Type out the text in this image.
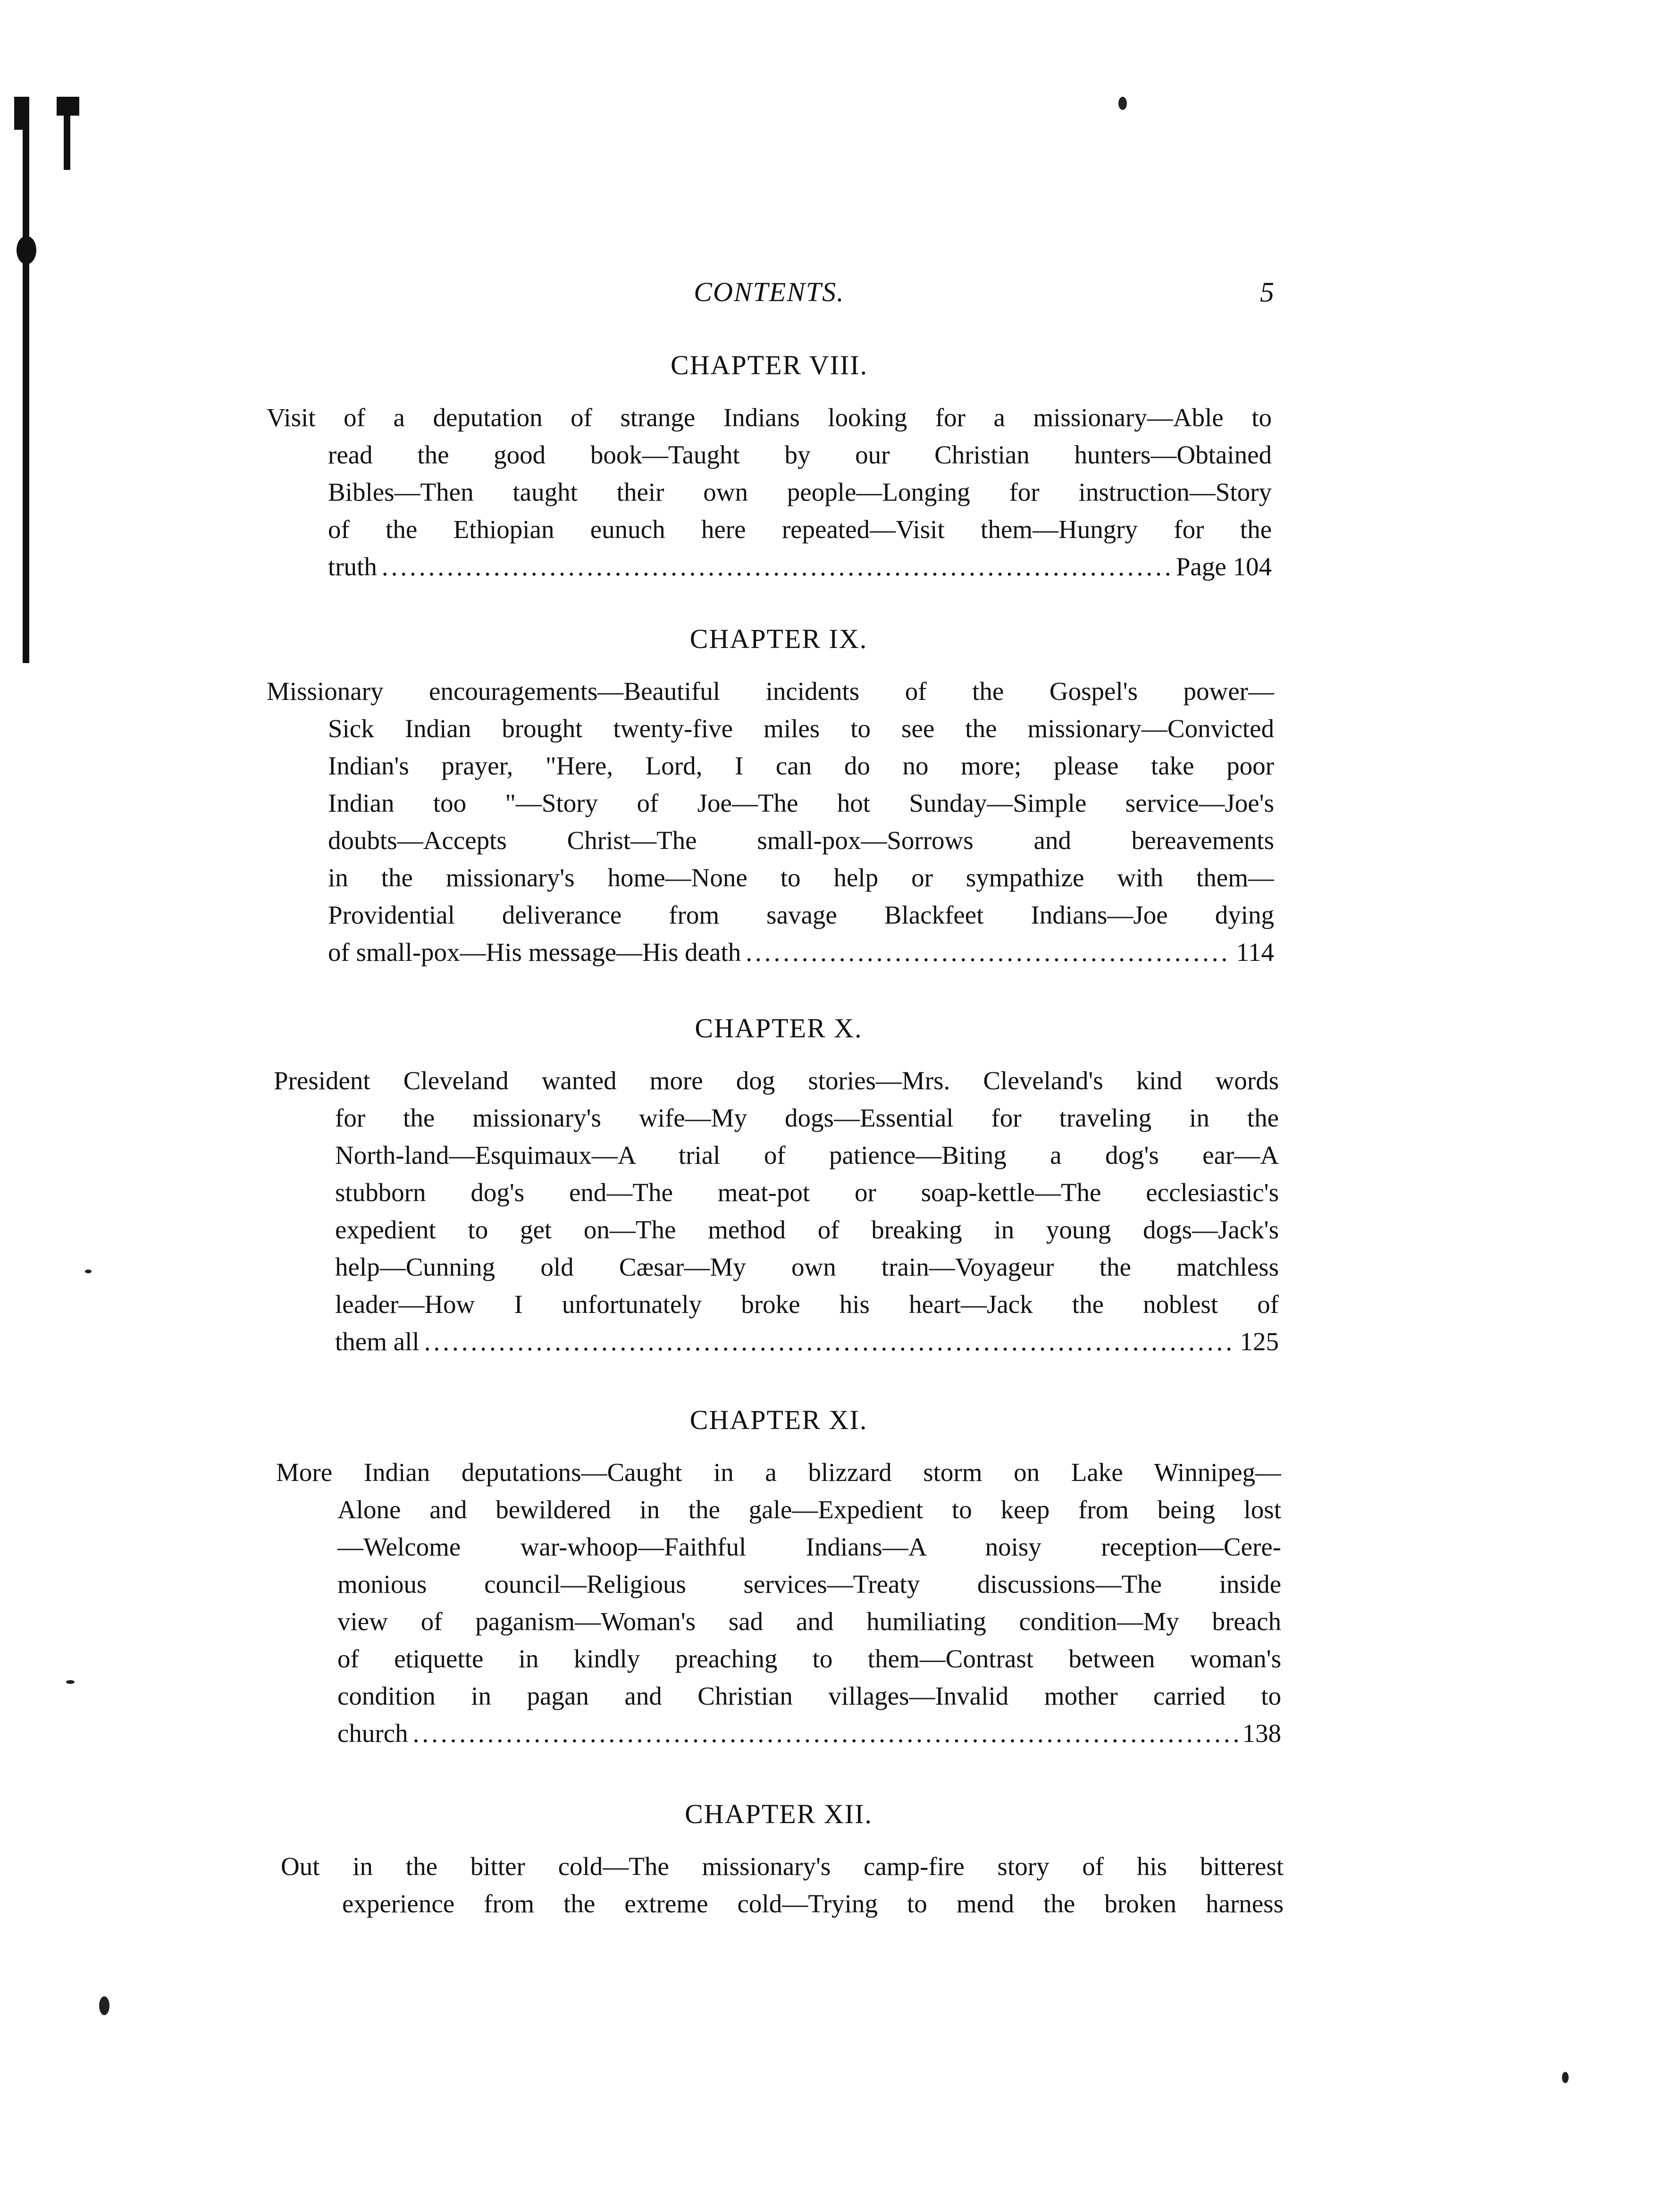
CONTENTS.	5
CHAPTER VIII.
Visit of a deputation of strange Indians looking for a missionary—Able to
read the good book—Taught by our Christian hunters—Obtained
Bibles—Then taught their own people—Longing for instruction—Story
of the Ethiopian eunuch here repeated—Visit them—Hungry for the
truth .....	Page 104
CHAPTER IX.
Missionary encouragements—Beautiful incidents of the Gospel's power—
Sick Indian brought twenty-five miles to see the missionary—Convicted
Indian's prayer, "Here, Lord, I can do no more; please take poor
Indian too "—Story of Joe—The hot Sunday—Simple service—Joe's
doubts—Accepts Christ—The small-pox—Sorrows and bereavements
in the missionary's home—None to help or sympathize with them—
Providential deliverance from savage Blackfeet Indians—Joe dying
of small-pox—His message—His death .....	114
CHAPTER X.
President Cleveland wanted more dog stories—Mrs. Cleveland's kind words
for the missionary's wife—My dogs—Essential for traveling in the
North-land—Esquimaux—A trial of patience—Biting a dog's ear—A
stubborn dog's end—The meat-pot or soap-kettle—The ecclesiastic's
expedient to get on—The method of breaking in young dogs—Jack's
help—Cunning old Cæsar—My own train—Voyageur the matchless
leader—How I unfortunately broke his heart—Jack the noblest of
them all .....	125
CHAPTER XI.
More Indian deputations—Caught in a blizzard storm on Lake Winnipeg—
Alone and bewildered in the gale—Expedient to keep from being lost
—Welcome war-whoop—Faithful Indians—A noisy reception—Cere-
monious council—Religious services—Treaty discussions—The inside
view of paganism—Woman's sad and humiliating condition—My breach
of etiquette in kindly preaching to them—Contrast between woman's
condition in pagan and Christian villages—Invalid mother carried to
church .....	138
CHAPTER XII.
Out in the bitter cold—The missionary's camp-fire story of his bitterest
experience from the extreme cold—Trying to mend the broken harness
